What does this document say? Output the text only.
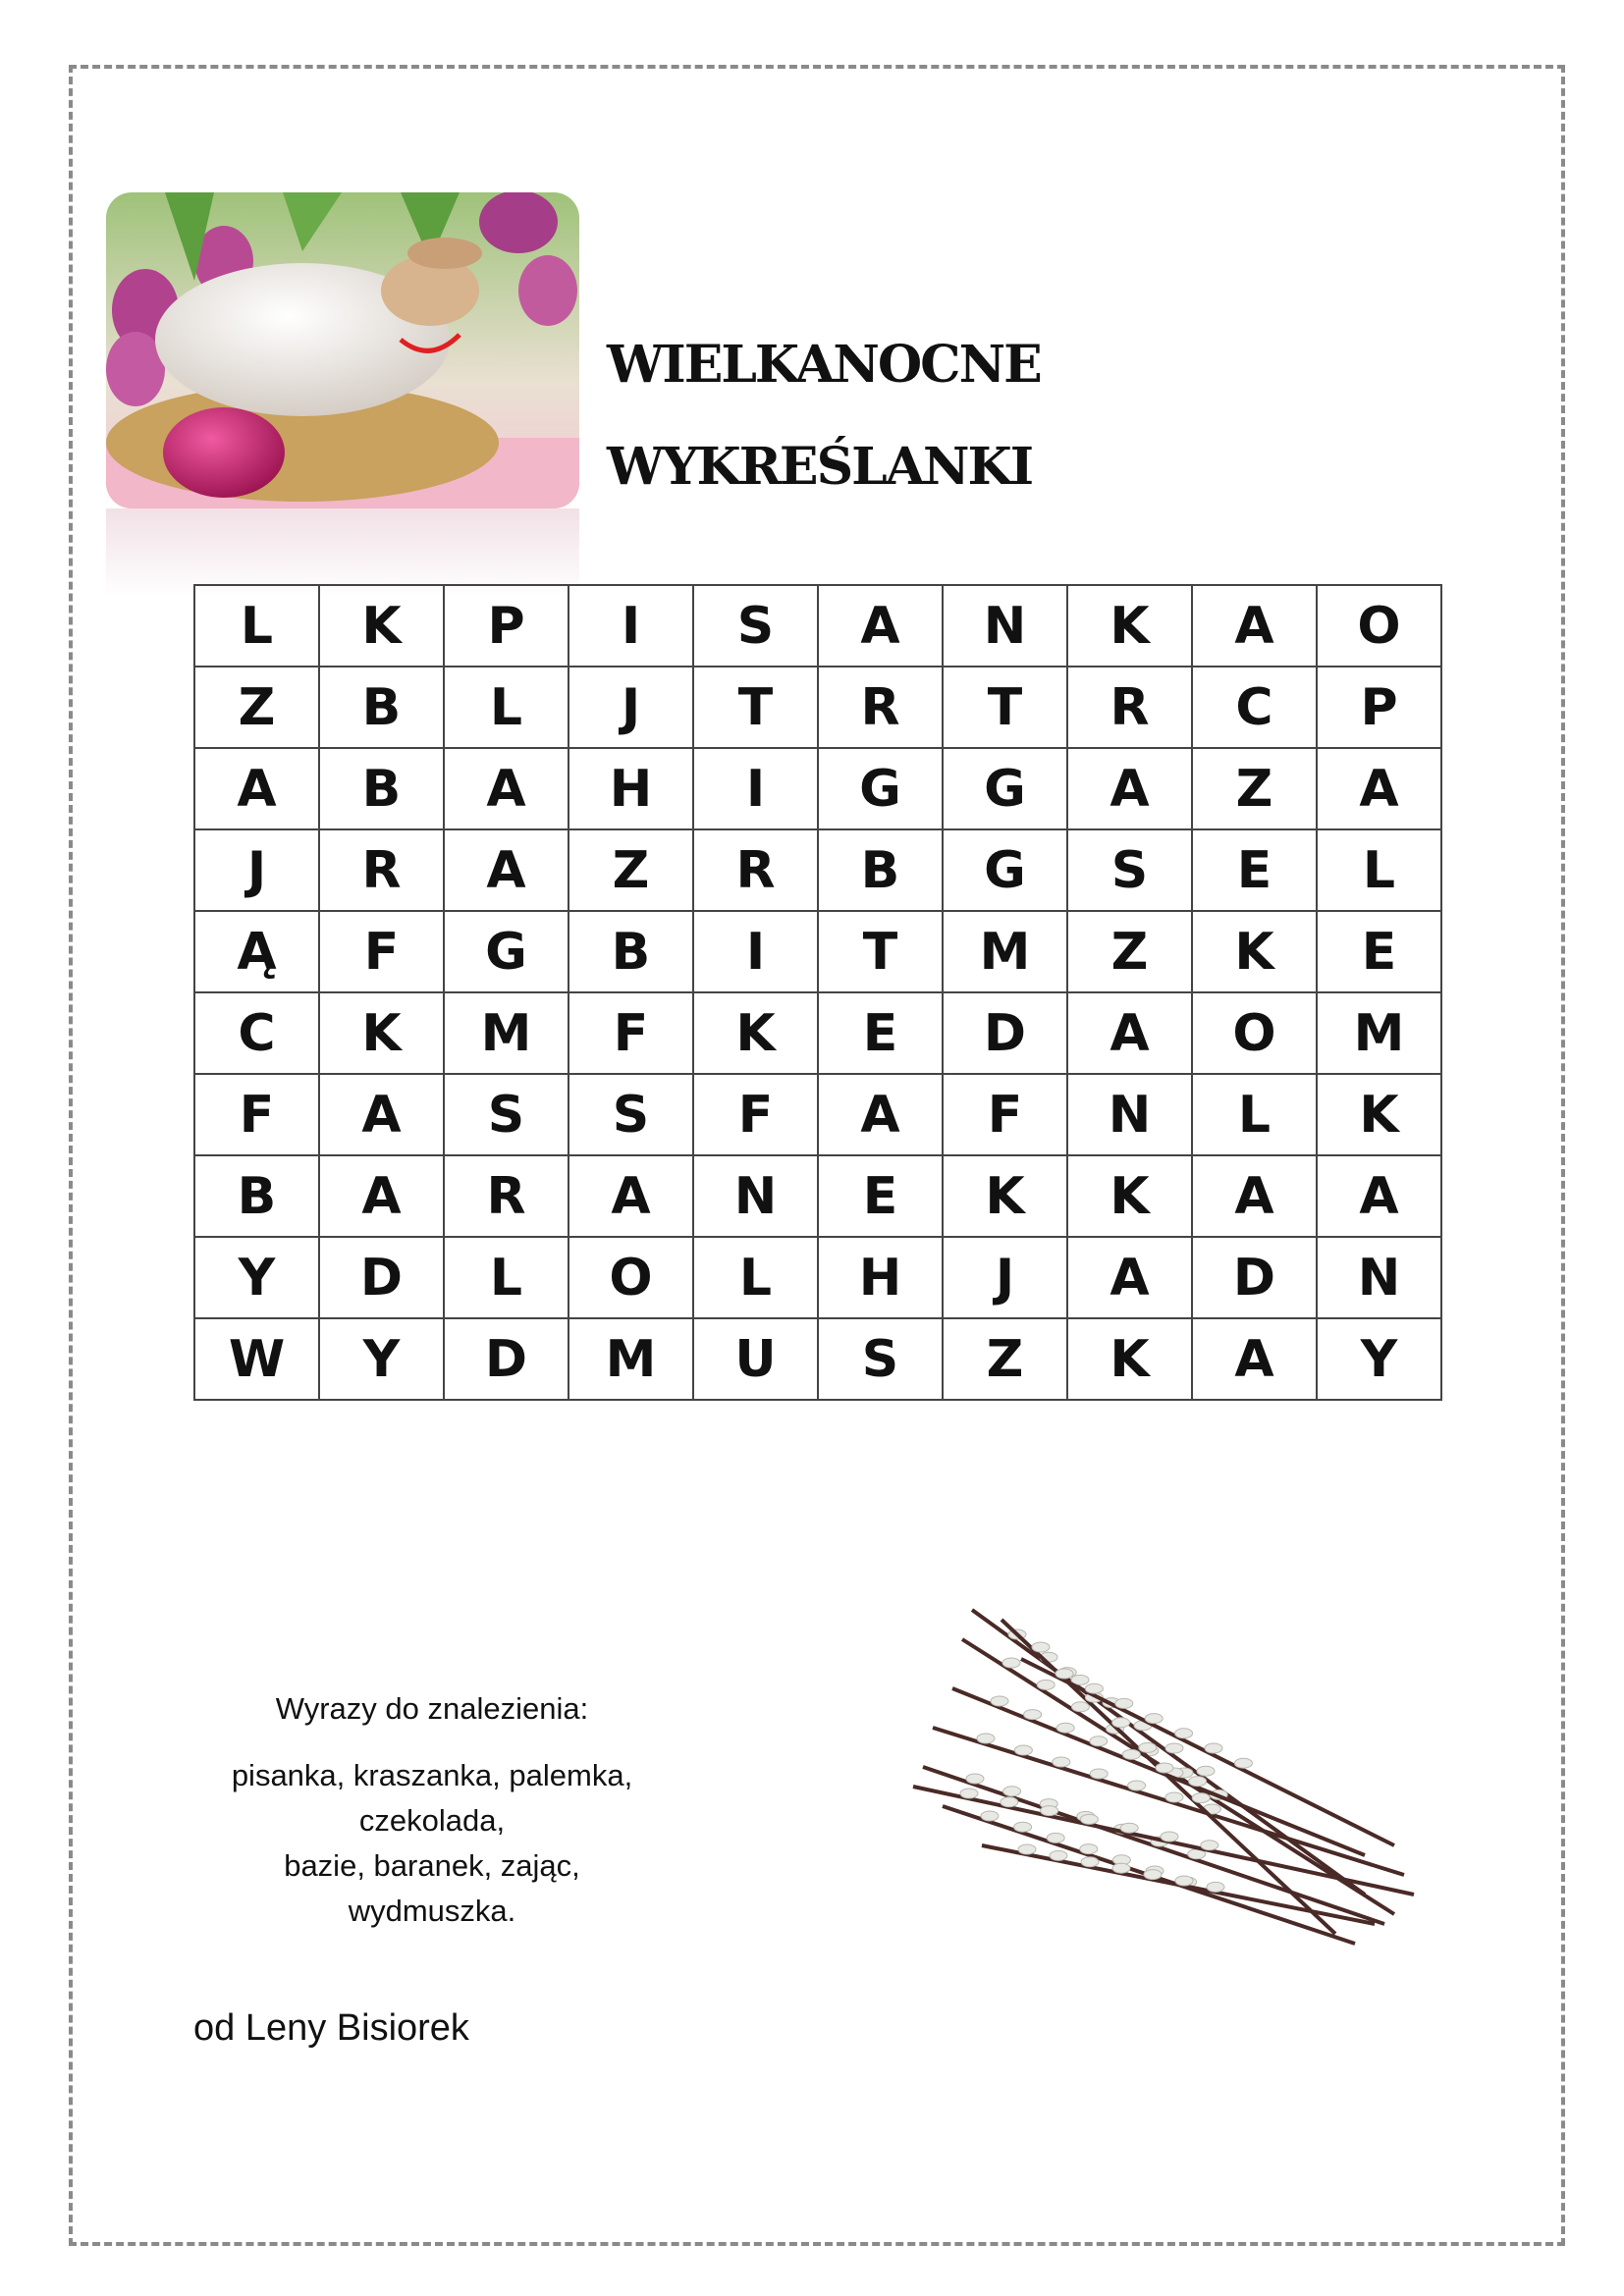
WIELKANOCNE
WYKREŚLANKI
L	K	P	I	S	A	N	K	A	O
Z	B	L	J	T	R	T	R	C	P
A	B	A	H	I	G	G	A	Z	A
J	R	A	Z	R	B	G	S	E	L
Ą	F	G	B	I	T	M	Z	K	E
C	K	M	F	K	E	D	A	O	M
F	A	S	S	F	A	F	N	L	K
B	A	R	A	N	E	K	K	A	A
Y	D	L	O	L	H	J	A	D	N
W	Y	D	M	U	S	Z	K	A	Y
Wyrazy do znalezienia:
pisanka, kraszanka, palemka, czekolada,
bazie, baranek, zając, wydmuszka.
od Leny Bisiorek
